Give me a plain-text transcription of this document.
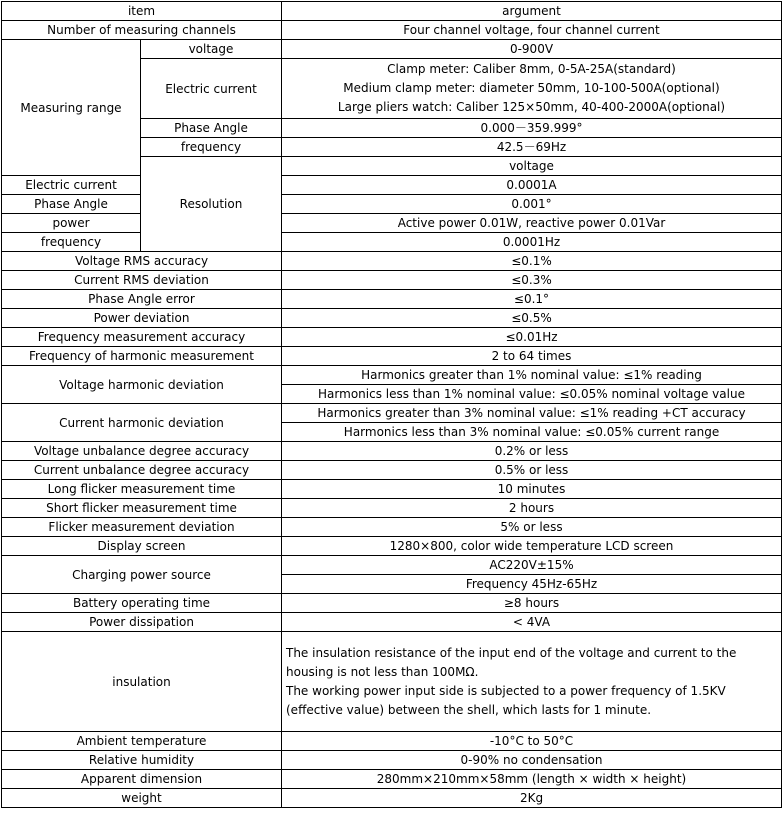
item		argument	
Number of measuring channels		Four channel voltage, four channel current	
Measuring range	voltage	0-900V	
	Electric current	Clamp meter: Caliber 8mm, 0-5A-25A(standard)
Medium clamp meter: diameter 50mm, 10-100-500A(optional)
Large pliers watch: Caliber 125×50mm, 40-400-2000A(optional)	

	Phase Angle	0.000－359.999°	
	frequency	42.5－69Hz	
	Resolution	voltage	
Electric current		0.0001A	
Phase Angle		0.001°	
power		Active power 0.01W, reactive power 0.01Var	
frequency		0.0001Hz	
Voltage RMS accuracy		≤0.1%	
Current RMS deviation		≤0.3%	
Phase Angle error		≤0.1°	
Power deviation		≤0.5%	
Frequency measurement accuracy		≤0.01Hz	
Frequency of harmonic measurement		2 to 64 times	
Voltage harmonic deviation		Harmonics greater than 1% nominal value: ≤1% reading	
		Harmonics less than 1% nominal value: ≤0.05% nominal voltage value	
Current harmonic deviation		Harmonics greater than 3% nominal value: ≤1% reading +CT accuracy	
		Harmonics less than 3% nominal value: ≤0.05% current range	
Voltage unbalance degree accuracy		0.2% or less	
Current unbalance degree accuracy		0.5% or less	
Long flicker measurement time		10 minutes	
Short flicker measurement time		2 hours	
Flicker measurement deviation		5% or less	
Display screen		1280×800, color wide temperature LCD screen	
Charging power source		AC220V±15%	
		Frequency 45Hz-65Hz	
Battery operating time		≥8 hours	
Power dissipation		< 4VA	
insulation		The insulation resistance of the input end of the voltage and current to the housing is not less than 100MΩ.
The working power input side is subjected to a power frequency of 1.5KV (effective value) between the shell, which lasts for 1 minute.	

Ambient temperature		-10°C to 50°C	
Relative humidity		0-90% no condensation	
Apparent dimension		280mm×210mm×58mm (length × width × height)	
weight		2Kg	
